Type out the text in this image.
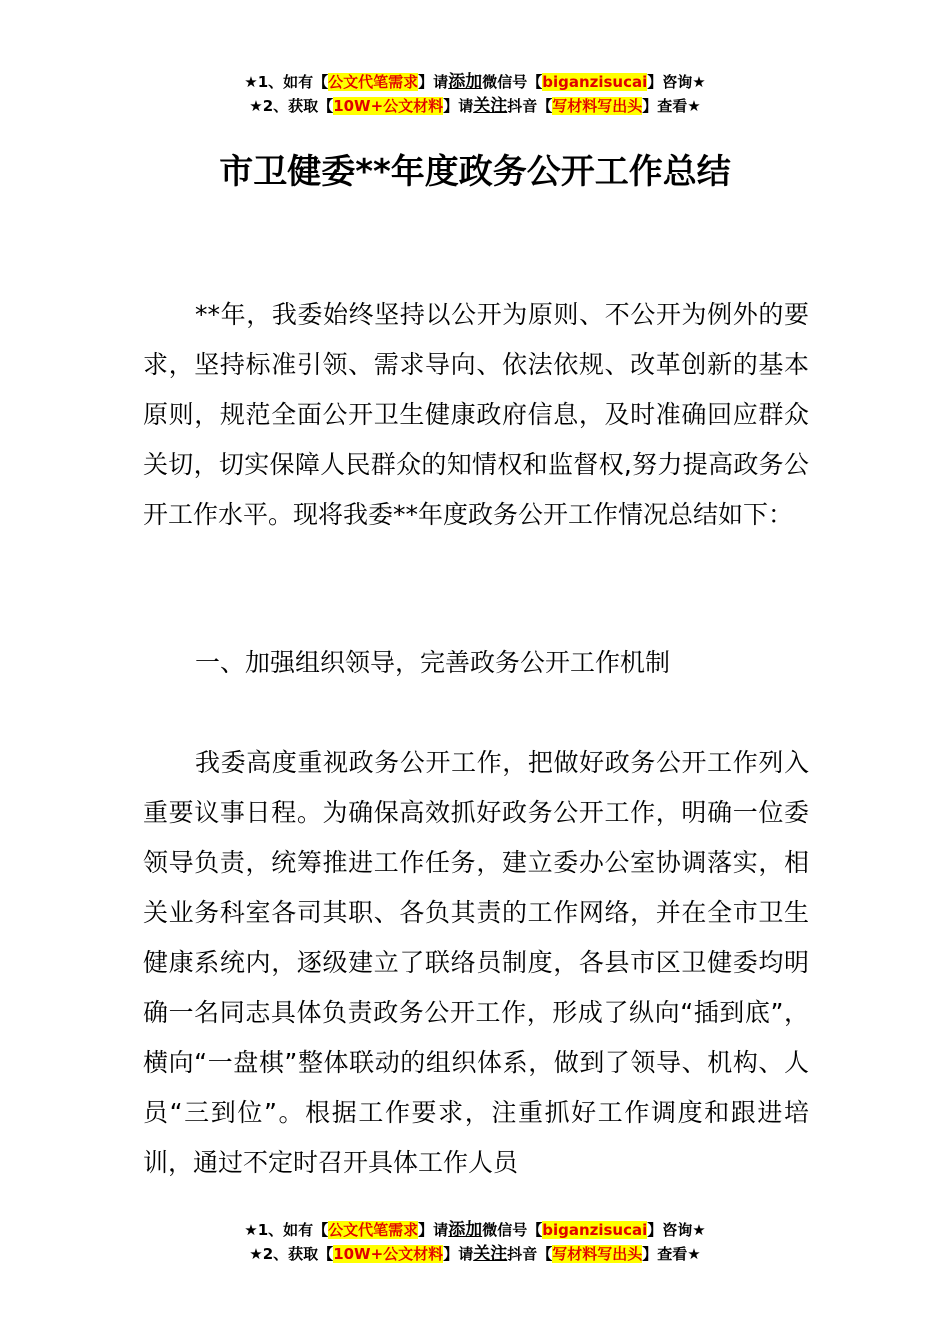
★1、如有【公文代笔需求】请添加微信号【biganzisucai】咨询★
★2、获取【10W+公文材料】请关注抖音【写材料写出头】查看★
市卫健委**年度政务公开工作总结

**年，我委始终坚持以公开为原则、不公开为例外的要求，坚持标准引领、需求导向、依法依规、改革创新的基本原则，规范全面公开卫生健康政府信息，及时准确回应群众关切，切实保障人民群众的知情权和监督权,努力提高政务公开工作水平。现将我委**年度政务公开工作情况总结如下：

一、加强组织领导，完善政务公开工作机制

我委高度重视政务公开工作，把做好政务公开工作列入重要议事日程。为确保高效抓好政务公开工作，明确一位委领导负责，统筹推进工作任务，建立委办公室协调落实，相关业务科室各司其职、各负其责的工作网络，并在全市卫生健康系统内，逐级建立了联络员制度，各县市区卫健委均明确一名同志具体负责政务公开工作，形成了纵向“插到底”，横向“一盘棋”整体联动的组织体系，做到了领导、机构、人员“三到位”。根据工作要求，注重抓好工作调度和跟进培训，通过不定时召开具体工作人员

★1、如有【公文代笔需求】请添加微信号【biganzisucai】咨询★
★2、获取【10W+公文材料】请关注抖音【写材料写出头】查看★
